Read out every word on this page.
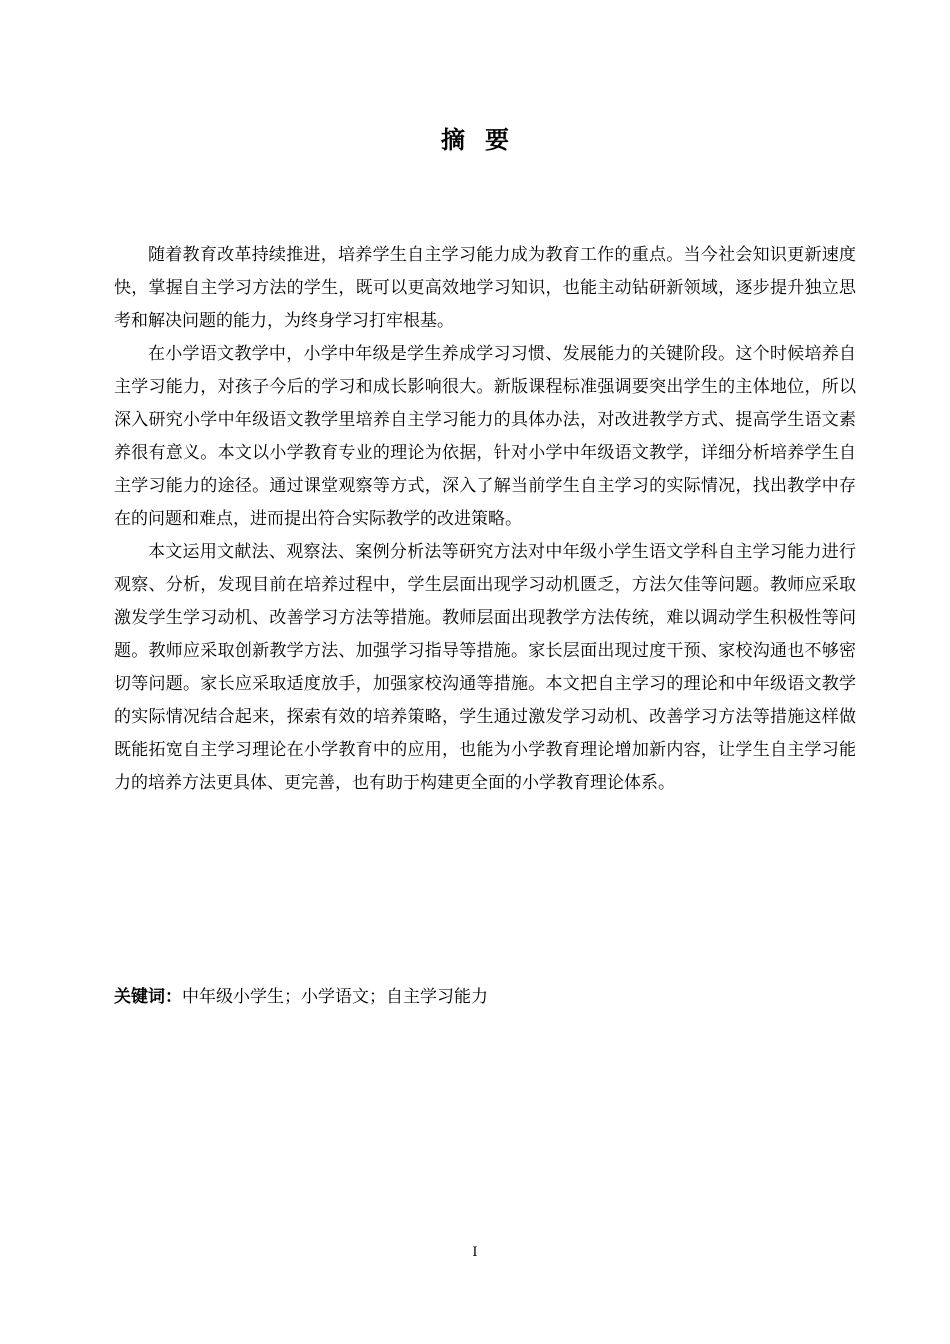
摘要

随着教育改革持续推进，培养学生自主学习能力成为教育工作的重点。当今社会知识更新速度快，掌握自主学习方法的学生，既可以更高效地学习知识，也能主动钻研新领域，逐步提升独立思考和解决问题的能力，为终身学习打牢根基。

在小学语文教学中，小学中年级是学生养成学习习惯、发展能力的关键阶段。这个时候培养自主学习能力，对孩子今后的学习和成长影响很大。新版课程标准强调要突出学生的主体地位，所以深入研究小学中年级语文教学里培养自主学习能力的具体办法，对改进教学方式、提高学生语文素养很有意义。本文以小学教育专业的理论为依据，针对小学中年级语文教学，详细分析培养学生自主学习能力的途径。通过课堂观察等方式，深入了解当前学生自主学习的实际情况，找出教学中存在的问题和难点，进而提出符合实际教学的改进策略。

本文运用文献法、观察法、案例分析法等研究方法对中年级小学生语文学科自主学习能力进行观察、分析，发现目前在培养过程中，学生层面出现学习动机匮乏，方法欠佳等问题。教师应采取激发学生学习动机、改善学习方法等措施。教师层面出现教学方法传统，难以调动学生积极性等问题。教师应采取创新教学方法、加强学习指导等措施。家长层面出现过度干预、家校沟通也不够密切等问题。家长应采取适度放手，加强家校沟通等措施。本文把自主学习的理论和中年级语文教学的实际情况结合起来，探索有效的培养策略，学生通过激发学习动机、改善学习方法等措施这样做既能拓宽自主学习理论在小学教育中的应用，也能为小学教育理论增加新内容，让学生自主学习能力的培养方法更具体、更完善，也有助于构建更全面的小学教育理论体系。

关键词：中年级小学生；小学语文；自主学习能力
I
